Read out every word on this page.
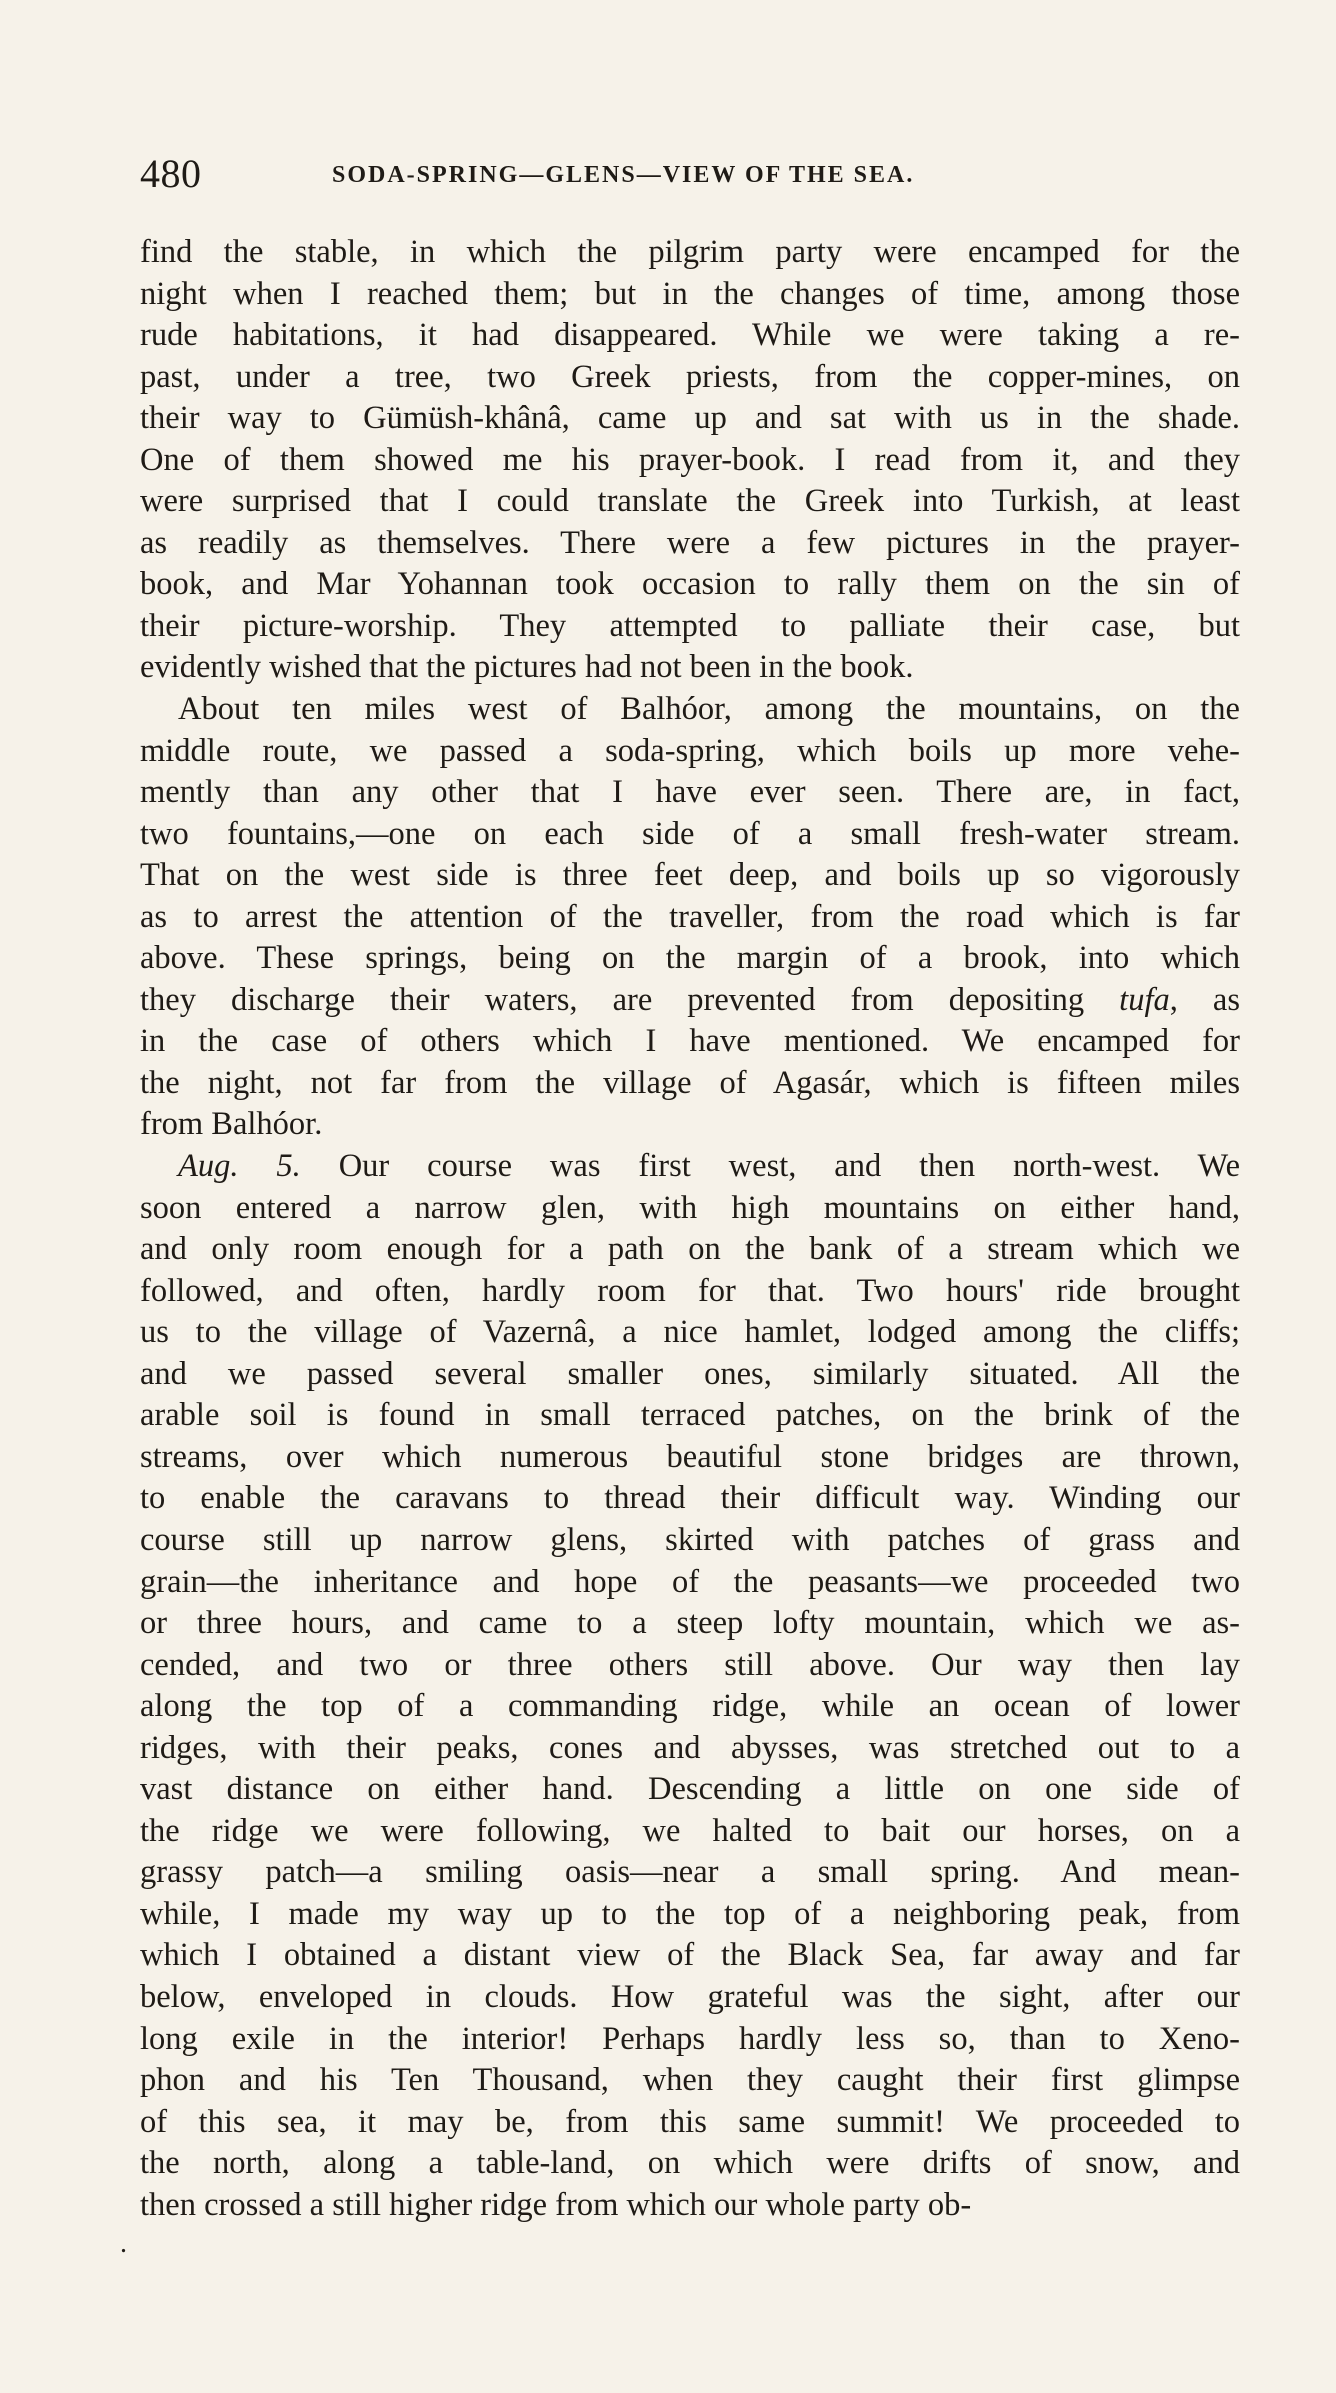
480	SODA-SPRING—GLENS—VIEW OF THE SEA.
find the stable, in which the pilgrim party were encamped for the
night when I reached them; but in the changes of time, among those
rude habitations, it had disappeared. While we were taking a re-
past, under a tree, two Greek priests, from the copper-mines, on
their way to Gümüsh-khânâ, came up and sat with us in the shade.
One of them showed me his prayer-book. I read from it, and they
were surprised that I could translate the Greek into Turkish, at least
as readily as themselves. There were a few pictures in the prayer-
book, and Mar Yohannan took occasion to rally them on the sin of
their picture-worship. They attempted to palliate their case, but
evidently wished that the pictures had not been in the book.
About ten miles west of Balhóor, among the mountains, on the
middle route, we passed a soda-spring, which boils up more vehe-
mently than any other that I have ever seen. There are, in fact,
two fountains,—one on each side of a small fresh-water stream.
That on the west side is three feet deep, and boils up so vigorously
as to arrest the attention of the traveller, from the road which is far
above. These springs, being on the margin of a brook, into which
they discharge their waters, are prevented from depositing tufa, as
in the case of others which I have mentioned. We encamped for
the night, not far from the village of Agasár, which is fifteen miles
from Balhóor.
Aug. 5. Our course was first west, and then north-west. We
soon entered a narrow glen, with high mountains on either hand,
and only room enough for a path on the bank of a stream which we
followed, and often, hardly room for that. Two hours' ride brought
us to the village of Vazernâ, a nice hamlet, lodged among the cliffs;
and we passed several smaller ones, similarly situated. All the
arable soil is found in small terraced patches, on the brink of the
streams, over which numerous beautiful stone bridges are thrown,
to enable the caravans to thread their difficult way. Winding our
course still up narrow glens, skirted with patches of grass and
grain—the inheritance and hope of the peasants—we proceeded two
or three hours, and came to a steep lofty mountain, which we as-
cended, and two or three others still above. Our way then lay
along the top of a commanding ridge, while an ocean of lower
ridges, with their peaks, cones and abysses, was stretched out to a
vast distance on either hand. Descending a little on one side of
the ridge we were following, we halted to bait our horses, on a
grassy patch—a smiling oasis—near a small spring. And mean-
while, I made my way up to the top of a neighboring peak, from
which I obtained a distant view of the Black Sea, far away and far
below, enveloped in clouds. How grateful was the sight, after our
long exile in the interior! Perhaps hardly less so, than to Xeno-
phon and his Ten Thousand, when they caught their first glimpse
of this sea, it may be, from this same summit! We proceeded to
the north, along a table-land, on which were drifts of snow, and
then crossed a still higher ridge from which our whole party ob-
.
